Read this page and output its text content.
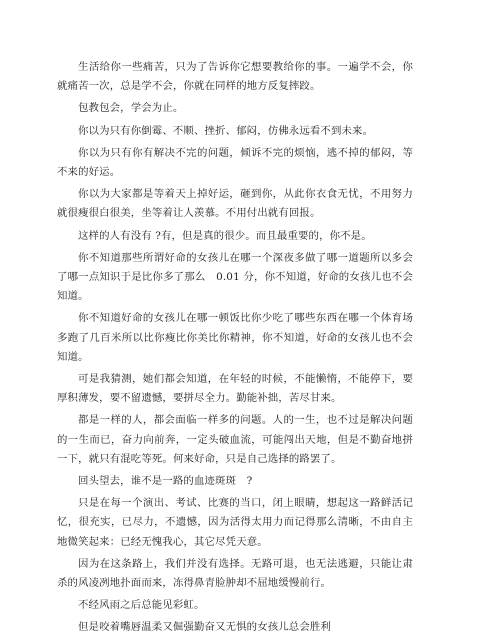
生活给你一些痛苦，只为了告诉你它想要教给你的事。一遍学不会，你就痛苦一次，总是学不会，你就在同样的地方反复摔跤。

包教包会，学会为止。

你以为只有你倒霉、不顺、挫折、郁闷，仿佛永远看不到未来。

你以为只有你有解决不完的问题，倾诉不完的烦恼，逃不掉的郁闷，等不来的好运。

你以为大家都是等着天上掉好运，砸到你，从此你衣食无忧，不用努力就很瘦很白很美，坐等着让人羡慕。不用付出就有回报。

这样的人有没有 ?有，但是真的很少。而且最重要的，你不是。

你不知道那些所谓好命的女孩儿在哪一个深夜多做了哪一道题所以多会了哪一点知识于是比你多了那么　0.01 分，你不知道，好命的女孩儿也不会知道。

你不知道好命的女孩儿在哪一顿饭比你少吃了哪些东西在哪一个体育场多跑了几百米所以比你瘦比你美比你精神，你不知道，好命的女孩儿也不会知道。

可是我猜测，她们都会知道，在年轻的时候，不能懒惰，不能停下，要厚积薄发，要不留遗憾，要拼尽全力。勤能补拙，苦尽甘来。

都是一样的人，都会面临一样多的问题。人的一生，也不过是解决问题的一生而已，奋力向前奔，一定头破血流，可能闯出天地，但是不勤奋地拼一下，就只有混吃等死。何来好命，只是自己选择的路罢了。

回头望去，谁不是一路的血迹斑斑　?

只是在每一个演出、考试、比赛的当口，闭上眼睛，想起这一路鲜活记忆，很充实，已尽力，不遗憾，因为活得太用力而记得那么清晰，不由自主地微笑起来：已经无愧我心，其它尽凭天意。

因为在这条路上，我们并没有选择。无路可退，也无法逃避，只能让肃杀的风凌冽地扑面而来，冻得鼻青脸肿却不屈地缓慢前行。

不经风雨之后总能见彩虹。

但是咬着嘴唇温柔又倔强勤奋又无惧的女孩儿总会胜利
